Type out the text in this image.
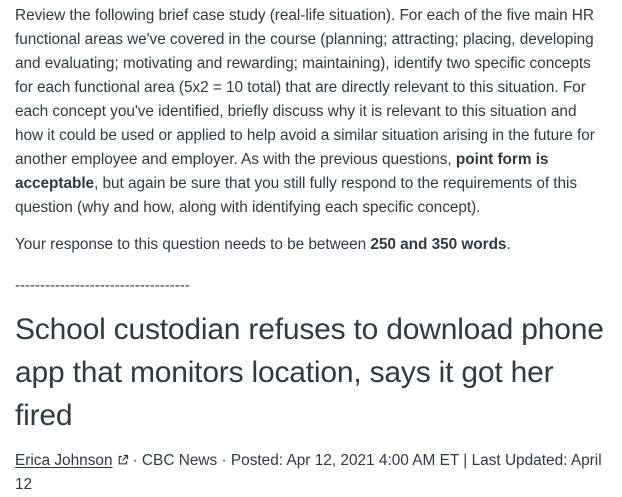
Review the following brief case study (real-life situation). For each of the five main HR functional areas we've covered in the course (planning; attracting; placing, developing and evaluating; motivating and rewarding; maintaining), identify two specific concepts for each functional area (5x2 = 10 total) that are directly relevant to this situation. For each concept you've identified, briefly discuss why it is relevant to this situation and how it could be used or applied to help avoid a similar situation arising in the future for another employee and employer. As with the previous questions, point form is acceptable, but again be sure that you still fully respond to the requirements of this question (why and how, along with identifying each specific concept).

Your response to this question needs to be between 250 and 350 words.

-----------------------------------
School custodian refuses to download phone app that monitors location, says it got her fired
Erica Johnson · CBC News · Posted: Apr 12, 2021 4:00 AM ET | Last Updated: April 12
